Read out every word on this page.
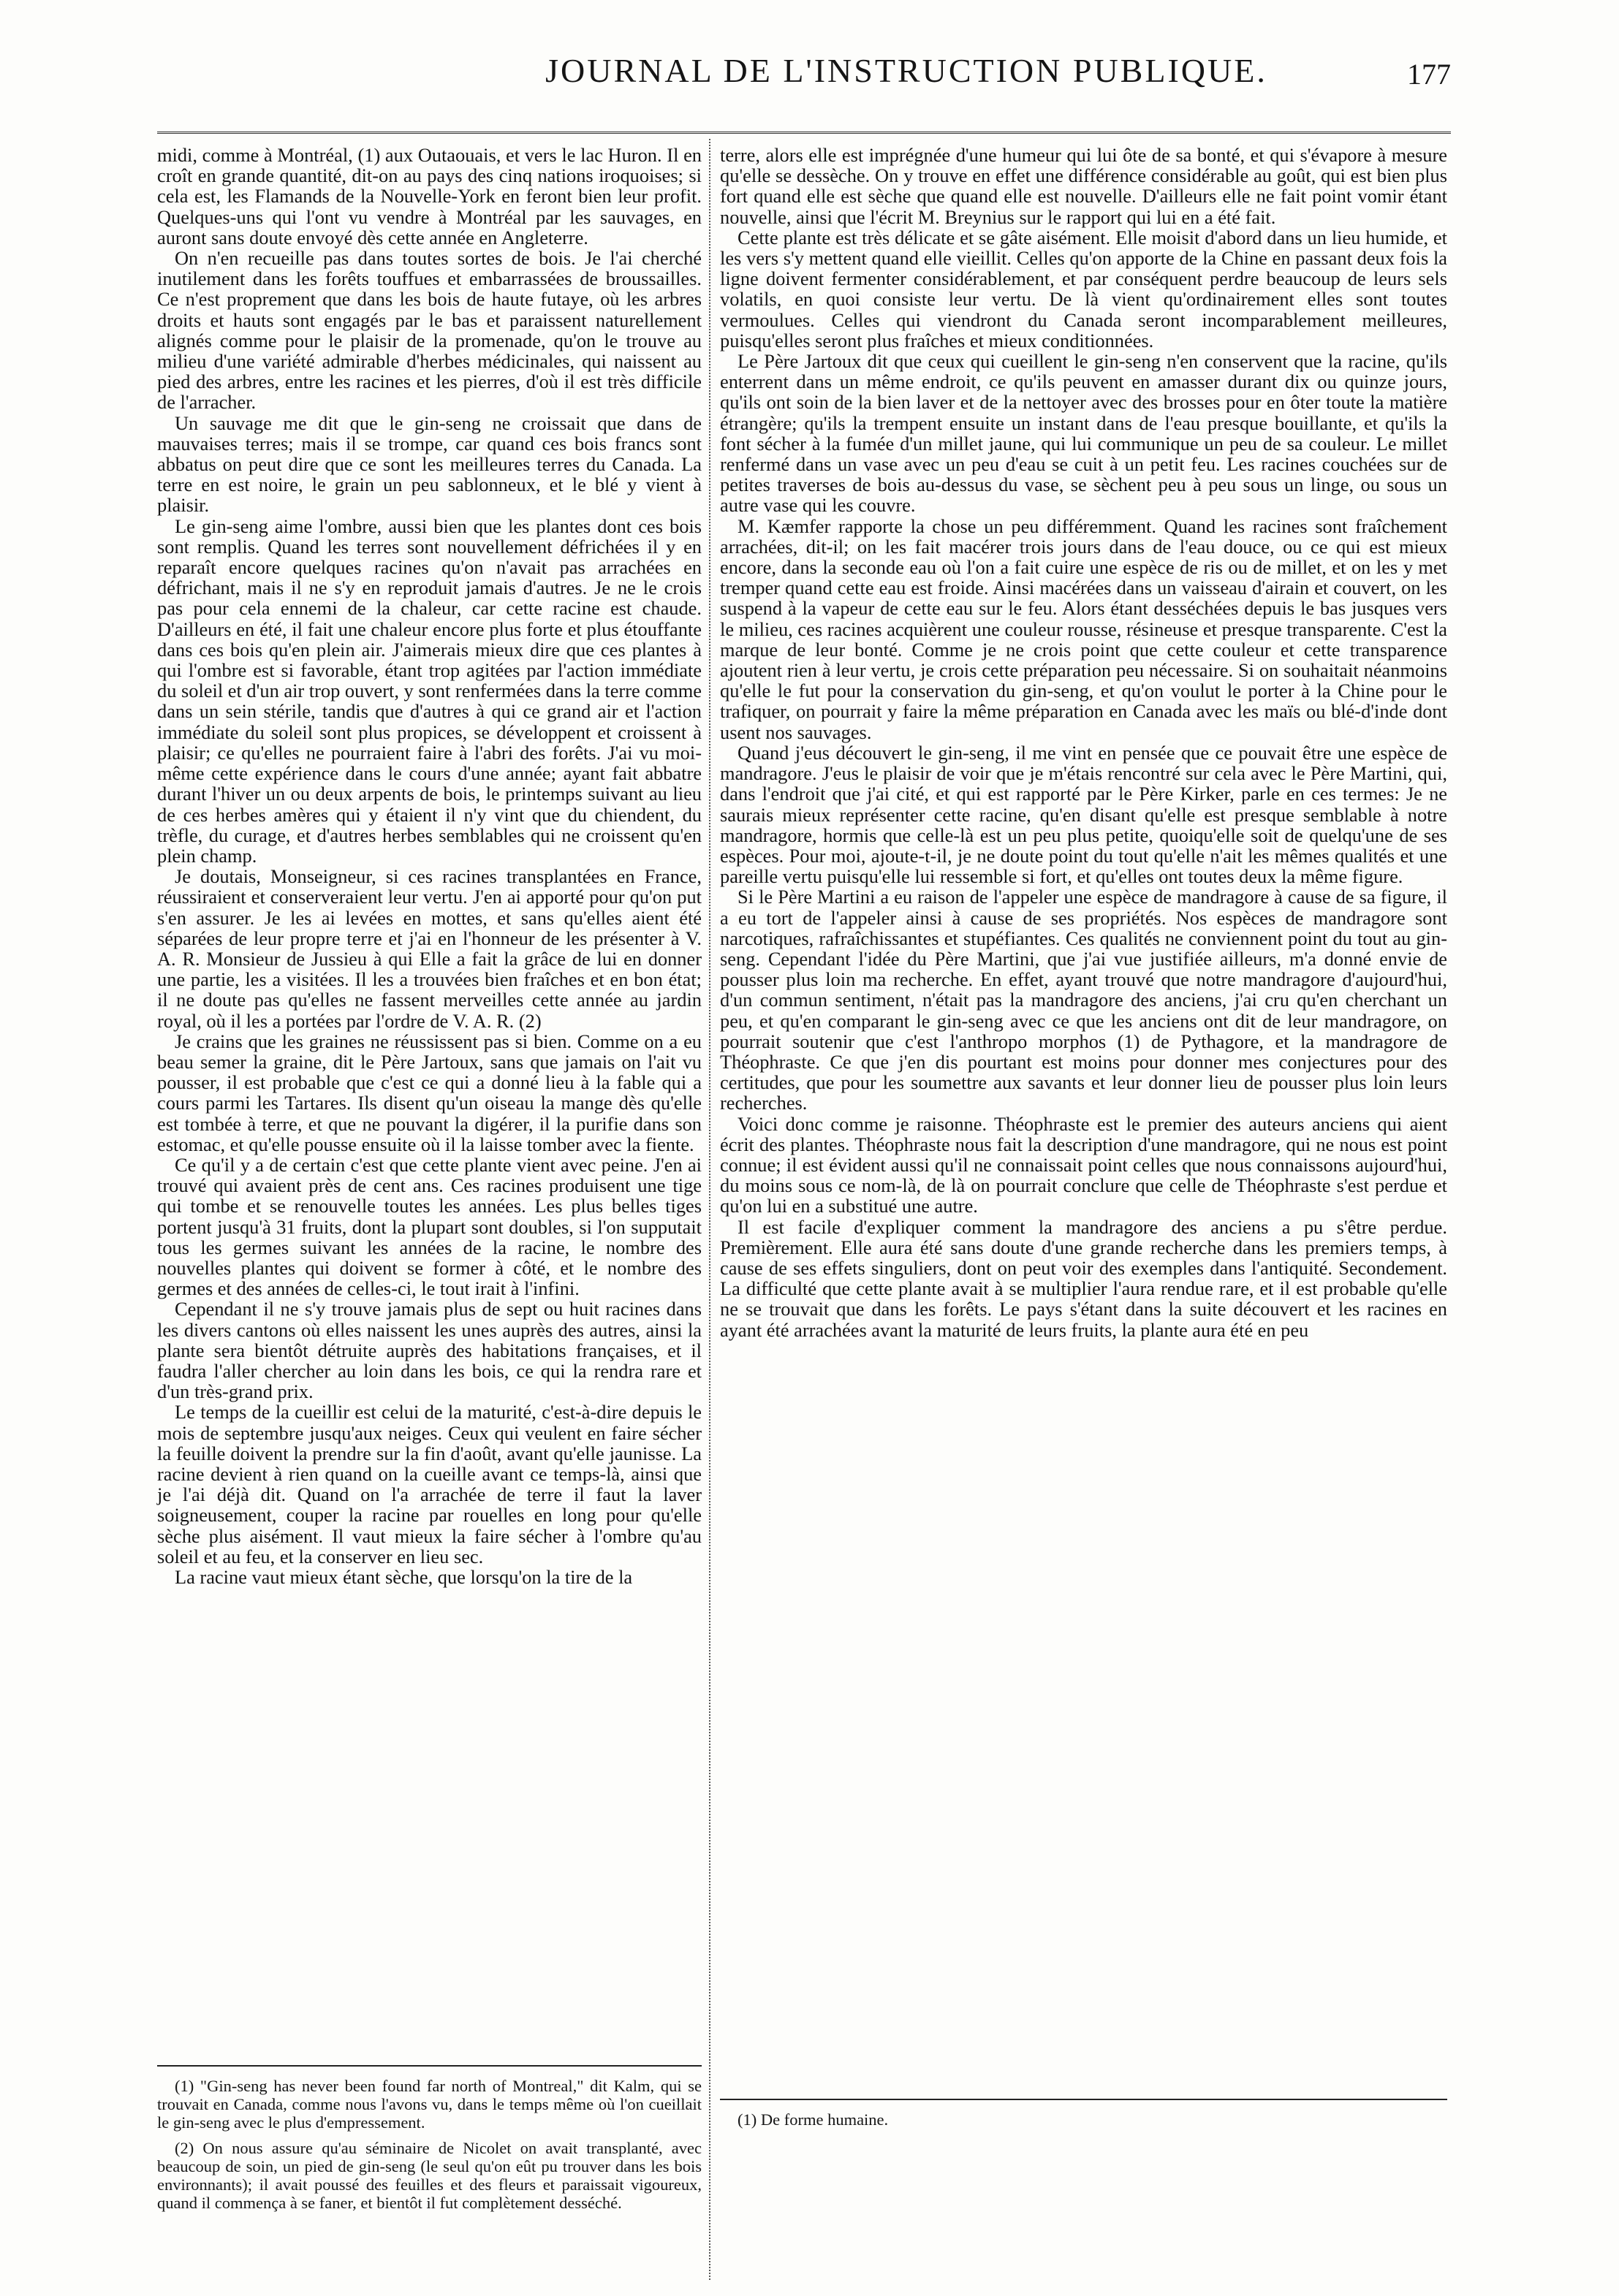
JOURNAL DE L'INSTRUCTION PUBLIQUE.	177

midi, comme à Montréal, (1) aux Outaouais, et vers le lac Huron. Il en croît en grande quantité, dit-on au pays des cinq nations iroquoises; si cela est, les Flamands de la Nouvelle-York en feront bien leur profit. Quelques-uns qui l'ont vu vendre à Montréal par les sauvages, en auront sans doute envoyé dès cette année en Angleterre.

On n'en recueille pas dans toutes sortes de bois. Je l'ai cherché inutilement dans les forêts touffues et embarrassées de broussailles. Ce n'est proprement que dans les bois de haute futaye, où les arbres droits et hauts sont engagés par le bas et paraissent naturellement alignés comme pour le plaisir de la promenade, qu'on le trouve au milieu d'une variété admirable d'herbes médicinales, qui naissent au pied des arbres, entre les racines et les pierres, d'où il est très difficile de l'arracher.

Un sauvage me dit que le gin-seng ne croissait que dans de mauvaises terres; mais il se trompe, car quand ces bois francs sont abbatus on peut dire que ce sont les meilleures terres du Canada. La terre en est noire, le grain un peu sablonneux, et le blé y vient à plaisir.

Le gin-seng aime l'ombre, aussi bien que les plantes dont ces bois sont remplis. Quand les terres sont nouvellement défrichées il y en reparaît encore quelques racines qu'on n'avait pas arrachées en défrichant, mais il ne s'y en reproduit jamais d'autres. Je ne le crois pas pour cela ennemi de la chaleur, car cette racine est chaude. D'ailleurs en été, il fait une chaleur encore plus forte et plus étouffante dans ces bois qu'en plein air. J'aimerais mieux dire que ces plantes à qui l'ombre est si favorable, étant trop agitées par l'action immédiate du soleil et d'un air trop ouvert, y sont renfermées dans la terre comme dans un sein stérile, tandis que d'autres à qui ce grand air et l'action immédiate du soleil sont plus propices, se développent et croissent à plaisir; ce qu'elles ne pourraient faire à l'abri des forêts. J'ai vu moi-même cette expérience dans le cours d'une année; ayant fait abbatre durant l'hiver un ou deux arpents de bois, le printemps suivant au lieu de ces herbes amères qui y étaient il n'y vint que du chiendent, du trèfle, du curage, et d'autres herbes semblables qui ne croissent qu'en plein champ.

Je doutais, Monseigneur, si ces racines transplantées en France, réussiraient et conserveraient leur vertu. J'en ai apporté pour qu'on put s'en assurer. Je les ai levées en mottes, et sans qu'elles aient été séparées de leur propre terre et j'ai en l'honneur de les présenter à V. A. R. Monsieur de Jussieu à qui Elle a fait la grâce de lui en donner une partie, les a visitées. Il les a trouvées bien fraîches et en bon état; il ne doute pas qu'elles ne fassent merveilles cette année au jardin royal, où il les a portées par l'ordre de V. A. R. (2)

Je crains que les graines ne réussissent pas si bien. Comme on a eu beau semer la graine, dit le Père Jartoux, sans que jamais on l'ait vu pousser, il est probable que c'est ce qui a donné lieu à la fable qui a cours parmi les Tartares. Ils disent qu'un oiseau la mange dès qu'elle est tombée à terre, et que ne pouvant la digérer, il la purifie dans son estomac, et qu'elle pousse ensuite où il la laisse tomber avec la fiente.

Ce qu'il y a de certain c'est que cette plante vient avec peine. J'en ai trouvé qui avaient près de cent ans. Ces racines produisent une tige qui tombe et se renouvelle toutes les années. Les plus belles tiges portent jusqu'à 31 fruits, dont la plupart sont doubles, si l'on supputait tous les germes suivant les années de la racine, le nombre des nouvelles plantes qui doivent se former à côté, et le nombre des germes et des années de celles-ci, le tout irait à l'infini.

Cependant il ne s'y trouve jamais plus de sept ou huit racines dans les divers cantons où elles naissent les unes auprès des autres, ainsi la plante sera bientôt détruite auprès des habitations françaises, et il faudra l'aller chercher au loin dans les bois, ce qui la rendra rare et d'un très-grand prix.

Le temps de la cueillir est celui de la maturité, c'est-à-dire depuis le mois de septembre jusqu'aux neiges. Ceux qui veulent en faire sécher la feuille doivent la prendre sur la fin d'août, avant qu'elle jaunisse. La racine devient à rien quand on la cueille avant ce temps-là, ainsi que je l'ai déjà dit. Quand on l'a arrachée de terre il faut la laver soigneusement, couper la racine par rouelles en long pour qu'elle sèche plus aisément. Il vaut mieux la faire sécher à l'ombre qu'au soleil et au feu, et la conserver en lieu sec.

La racine vaut mieux étant sèche, que lorsqu'on la tire de la

(1) "Gin-seng has never been found far north of Montreal," dit Kalm, qui se trouvait en Canada, comme nous l'avons vu, dans le temps même où l'on cueillait le gin-seng avec le plus d'empressement.

(2) On nous assure qu'au séminaire de Nicolet on avait transplanté, avec beaucoup de soin, un pied de gin-seng (le seul qu'on eût pu trouver dans les bois environnants); il avait poussé des feuilles et des fleurs et paraissait vigoureux, quand il commença à se faner, et bientôt il fut complètement desséché.

terre, alors elle est imprégnée d'une humeur qui lui ôte de sa bonté, et qui s'évapore à mesure qu'elle se dessèche. On y trouve en effet une différence considérable au goût, qui est bien plus fort quand elle est sèche que quand elle est nouvelle. D'ailleurs elle ne fait point vomir étant nouvelle, ainsi que l'écrit M. Breynius sur le rapport qui lui en a été fait.

Cette plante est très délicate et se gâte aisément. Elle moisit d'abord dans un lieu humide, et les vers s'y mettent quand elle vieillit. Celles qu'on apporte de la Chine en passant deux fois la ligne doivent fermenter considérablement, et par conséquent perdre beaucoup de leurs sels volatils, en quoi consiste leur vertu. De là vient qu'ordinairement elles sont toutes vermoulues. Celles qui viendront du Canada seront incomparablement meilleures, puisqu'elles seront plus fraîches et mieux conditionnées.

Le Père Jartoux dit que ceux qui cueillent le gin-seng n'en conservent que la racine, qu'ils enterrent dans un même endroit, ce qu'ils peuvent en amasser durant dix ou quinze jours, qu'ils ont soin de la bien laver et de la nettoyer avec des brosses pour en ôter toute la matière étrangère; qu'ils la trempent ensuite un instant dans de l'eau presque bouillante, et qu'ils la font sécher à la fumée d'un millet jaune, qui lui communique un peu de sa couleur. Le millet renfermé dans un vase avec un peu d'eau se cuit à un petit feu. Les racines couchées sur de petites traverses de bois au-dessus du vase, se sèchent peu à peu sous un linge, ou sous un autre vase qui les couvre.

M. Kæmfer rapporte la chose un peu différemment. Quand les racines sont fraîchement arrachées, dit-il; on les fait macérer trois jours dans de l'eau douce, ou ce qui est mieux encore, dans la seconde eau où l'on a fait cuire une espèce de ris ou de millet, et on les y met tremper quand cette eau est froide. Ainsi macérées dans un vaisseau d'airain et couvert, on les suspend à la vapeur de cette eau sur le feu. Alors étant desséchées depuis le bas jusques vers le milieu, ces racines acquièrent une couleur rousse, résineuse et presque transparente. C'est la marque de leur bonté. Comme je ne crois point que cette couleur et cette transparence ajoutent rien à leur vertu, je crois cette préparation peu nécessaire. Si on souhaitait néanmoins qu'elle le fut pour la conservation du gin-seng, et qu'on voulut le porter à la Chine pour le trafiquer, on pourrait y faire la même préparation en Canada avec les maïs ou blé-d'inde dont usent nos sauvages.

Quand j'eus découvert le gin-seng, il me vint en pensée que ce pouvait être une espèce de mandragore. J'eus le plaisir de voir que je m'étais rencontré sur cela avec le Père Martini, qui, dans l'endroit que j'ai cité, et qui est rapporté par le Père Kirker, parle en ces termes: Je ne saurais mieux représenter cette racine, qu'en disant qu'elle est presque semblable à notre mandragore, hormis que celle-là est un peu plus petite, quoiqu'elle soit de quelqu'une de ses espèces. Pour moi, ajoute-t-il, je ne doute point du tout qu'elle n'ait les mêmes qualités et une pareille vertu puisqu'elle lui ressemble si fort, et qu'elles ont toutes deux la même figure.

Si le Père Martini a eu raison de l'appeler une espèce de mandragore à cause de sa figure, il a eu tort de l'appeler ainsi à cause de ses propriétés. Nos espèces de mandragore sont narcotiques, rafraîchissantes et stupéfiantes. Ces qualités ne conviennent point du tout au gin-seng. Cependant l'idée du Père Martini, que j'ai vue justifiée ailleurs, m'a donné envie de pousser plus loin ma recherche. En effet, ayant trouvé que notre mandragore d'aujourd'hui, d'un commun sentiment, n'était pas la mandragore des anciens, j'ai cru qu'en cherchant un peu, et qu'en comparant le gin-seng avec ce que les anciens ont dit de leur mandragore, on pourrait soutenir que c'est l'anthropo morphos (1) de Pythagore, et la mandragore de Théophraste. Ce que j'en dis pourtant est moins pour donner mes conjectures pour des certitudes, que pour les soumettre aux savants et leur donner lieu de pousser plus loin leurs recherches.

Voici donc comme je raisonne. Théophraste est le premier des auteurs anciens qui aient écrit des plantes. Théophraste nous fait la description d'une mandragore, qui ne nous est point connue; il est évident aussi qu'il ne connaissait point celles que nous connaissons aujourd'hui, du moins sous ce nom-là, de là on pourrait conclure que celle de Théophraste s'est perdue et qu'on lui en a substitué une autre.

Il est facile d'expliquer comment la mandragore des anciens a pu s'être perdue. Premièrement. Elle aura été sans doute d'une grande recherche dans les premiers temps, à cause de ses effets singuliers, dont on peut voir des exemples dans l'antiquité. Secondement. La difficulté que cette plante avait à se multiplier l'aura rendue rare, et il est probable qu'elle ne se trouvait que dans les forêts. Le pays s'étant dans la suite découvert et les racines en ayant été arrachées avant la maturité de leurs fruits, la plante aura été en peu

(1) De forme humaine.
